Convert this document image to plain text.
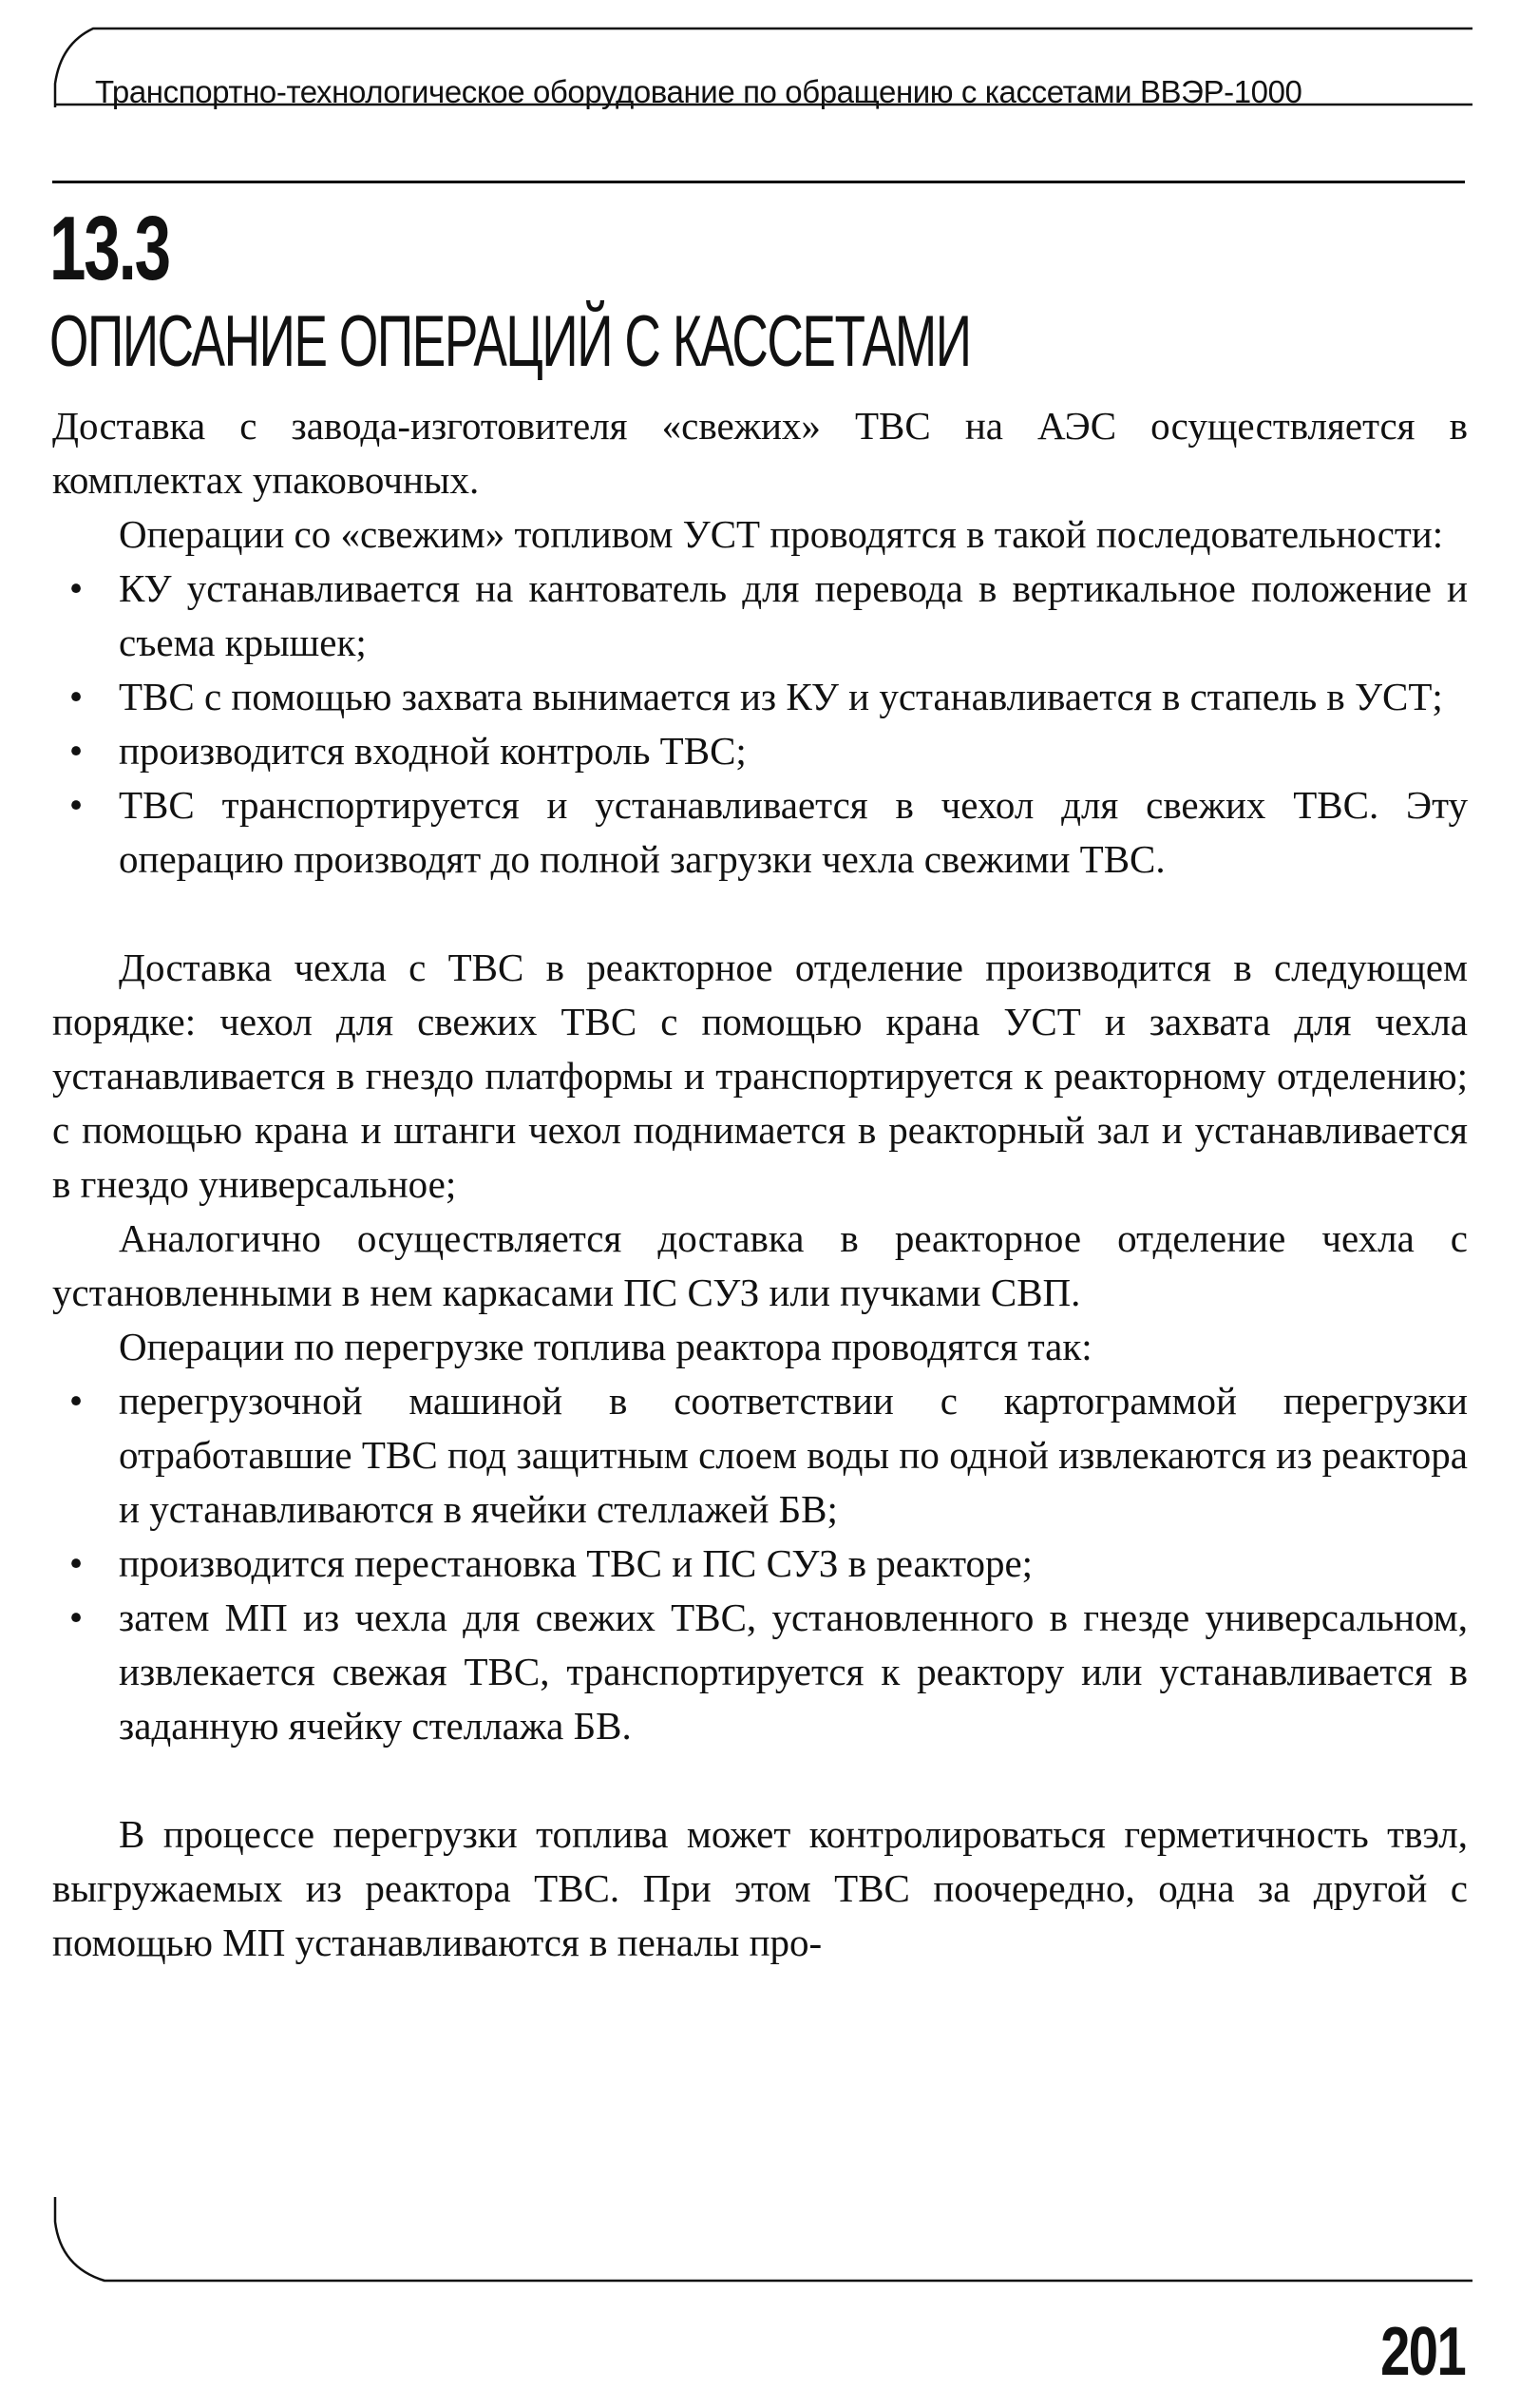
Транспортно-технологическое оборудование по обращению с кассетами ВВЭР-1000
13.3
ОПИСАНИЕ ОПЕРАЦИЙ С КАССЕТАМИ

Доставка с завода-изготовителя «свежих» ТВС на АЭС осуществляется в комплектах упаковочных.

Операции со «свежим» топливом УСТ проводятся в такой последовательности:

• КУ устанавливается на кантователь для перевода в вертикальное положение и съема крышек;
• ТВС с помощью захвата вынимается из КУ и устанавливается в стапель в УСТ;
• производится входной контроль ТВС;
• ТВС транспортируется и устанавливается в чехол для свежих ТВС. Эту операцию производят до полной загрузки чехла свежими ТВС.

Доставка чехла с ТВС в реакторное отделение производится в следующем порядке: чехол для свежих ТВС с помощью крана УСТ и захвата для чехла устанавливается в гнездо платформы и транспортируется к реакторному отделению; с помощью крана и штанги чехол поднимается в реакторный зал и устанавливается в гнездо универсальное;

Аналогично осуществляется доставка в реакторное отделение чехла с установленными в нем каркасами ПС СУЗ или пучками СВП.

Операции по перегрузке топлива реактора проводятся так:

• перегрузочной машиной в соответствии с картограммой перегрузки отработавшие ТВС под защитным слоем воды по одной извлекаются из реактора и устанавливаются в ячейки стеллажей БВ;
• производится перестановка ТВС и ПС СУЗ в реакторе;
• затем МП из чехла для свежих ТВС, установленного в гнезде универсальном, извлекается свежая ТВС, транспортируется к реактору или устанавливается в заданную ячейку стеллажа БВ.

В процессе перегрузки топлива может контролироваться герметичность твэл, выгружаемых из реактора ТВС. При этом ТВС поочередно, одна за другой с помощью МП устанавливаются в пеналы про-

201
